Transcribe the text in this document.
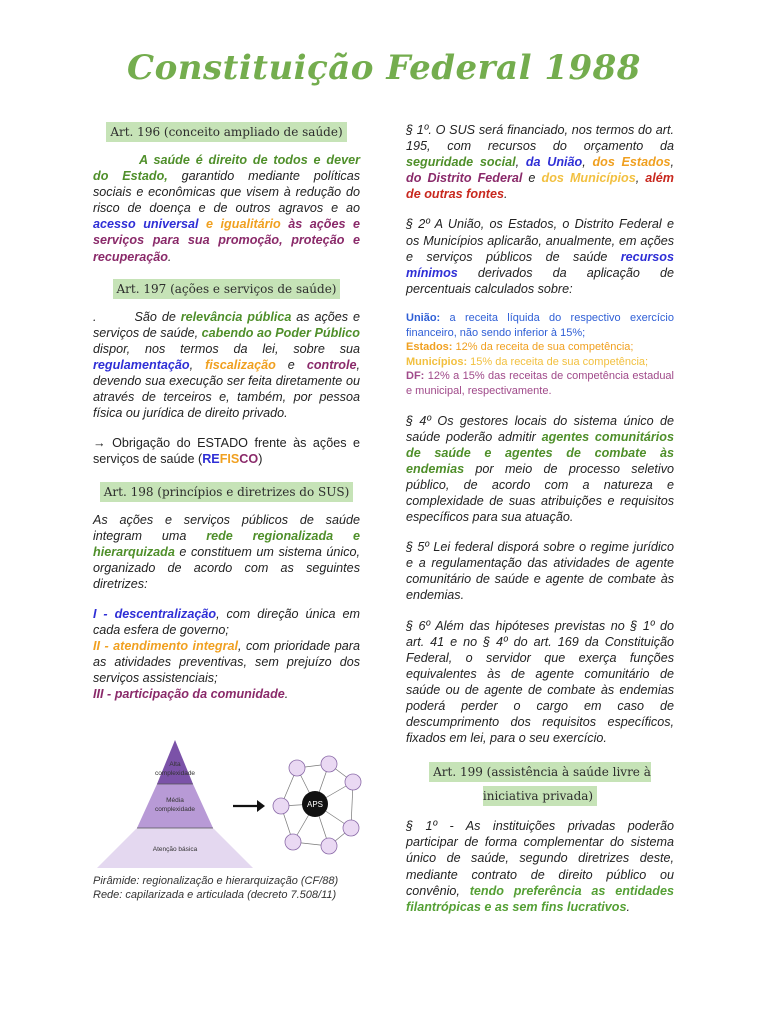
Constituição Federal 1988
Art. 196 (conceito ampliado de saúde)

A saúde é direito de todos e dever do Estado, garantido mediante políticas sociais e econômicas que visem à redução do risco de doença e de outros agravos e ao acesso universal e igualitário às ações e serviços para sua promoção, proteção e recuperação.

Art. 197 (ações e serviços de saúde)

.	São de relevância pública as ações e serviços de saúde, cabendo ao Poder Público dispor, nos termos da lei, sobre sua regulamentação, fiscalização e controle, devendo sua execução ser feita diretamente ou através de terceiros e, também, por pessoa física ou jurídica de direito privado.

→ Obrigação do ESTADO frente às ações e serviços de saúde (REFISCO)

Art. 198 (princípios e diretrizes do SUS)

As ações e serviços públicos de saúde integram uma rede regionalizada e hierarquizada e constituem um sistema único, organizado de acordo com as seguintes diretrizes:

I - descentralização, com direção única em cada esfera de governo;

II - atendimento integral, com prioridade para as atividades preventivas, sem prejuízo dos serviços assistenciais;

III - participação da comunidade.

Alta
complexidade
Média
complexidade
Atenção básica
APS
Pirâmide: regionalização e hierarquização (CF/88)
Rede: capilarizada e articulada (decreto 7.508/11)

§ 1º. O SUS será financiado, nos termos do art. 195, com recursos do orçamento da seguridade social, da União, dos Estados, do Distrito Federal e dos Municípios, além de outras fontes.

§ 2º A União, os Estados, o Distrito Federal e os Municípios aplicarão, anualmente, em ações e serviços públicos de saúde recursos mínimos derivados da aplicação de percentuais calculados sobre:

União: a receita líquida do respectivo exercício financeiro, não sendo inferior à 15%;
Estados: 12% da receita de sua competência;
Municípios: 15% da receita de sua competência;
DF: 12% a 15% das receitas de competência estadual e municipal, respectivamente.

§ 4º Os gestores locais do sistema único de saúde poderão admitir agentes comunitários de saúde e agentes de combate às endemias por meio de processo seletivo público, de acordo com a natureza e complexidade de suas atribuições e requisitos específicos para sua atuação.

§ 5º Lei federal disporá sobre o regime jurídico e a regulamentação das atividades de agente comunitário de saúde e agente de combate às endemias.

§ 6º Além das hipóteses previstas no § 1º do art. 41 e no § 4º do art. 169 da Constituição Federal, o servidor que exerça funções equivalentes às de agente comunitário de saúde ou de agente de combate às endemias poderá perder o cargo em caso de descumprimento dos requisitos específicos, fixados em lei, para o seu exercício.

Art. 199 (assistência à saúde livre à iniciativa privada)

§ 1º - As instituições privadas poderão participar de forma complementar do sistema único de saúde, segundo diretrizes deste, mediante contrato de direito público ou convênio, tendo preferência as entidades filantrópicas e as sem fins lucrativos.
